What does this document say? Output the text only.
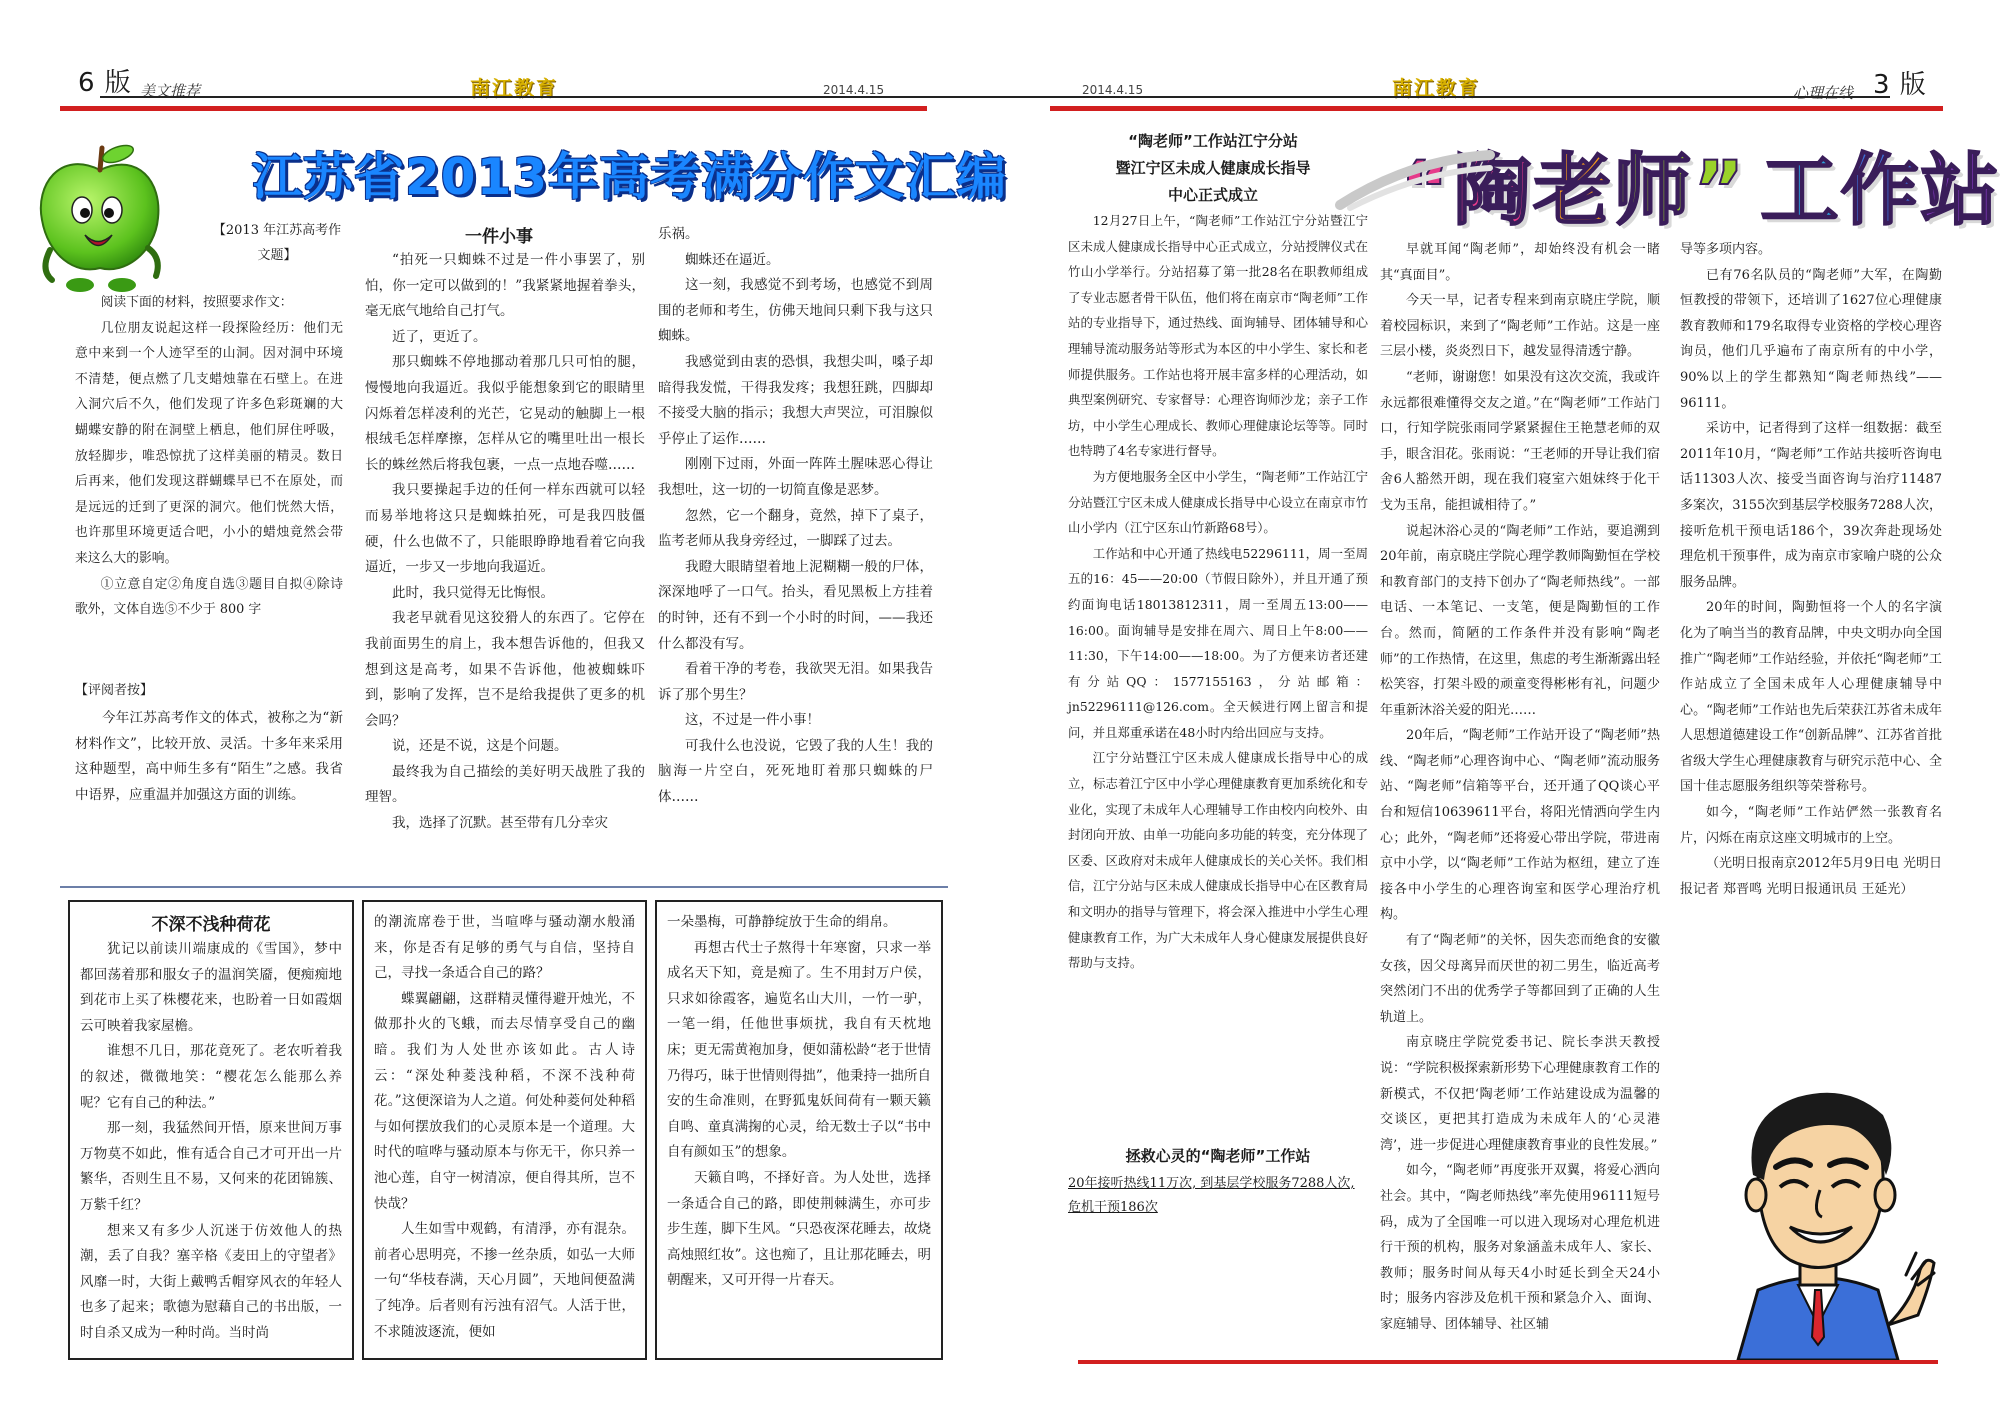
6 版 美文推荐	南江教育	2014.4.15	2014.4.15	南江教育	心理在线 3 版
江苏省2013年高考满分作文汇编
【2013 年江苏高考作文题】

阅读下面的材料，按照要求作文：

几位朋友说起这样一段探险经历：他们无意中来到一个人迹罕至的山洞。因对洞中环境不清楚，便点燃了几支蜡烛靠在石壁上。在进入洞穴后不久，他们发现了许多色彩斑斓的大蝴蝶安静的附在洞壁上栖息，他们屏住呼吸，放轻脚步，唯恐惊扰了这样美丽的精灵。数日后再来，他们发现这群蝴蝶早已不在原处，而是远远的迁到了更深的洞穴。他们恍然大悟，也许那里环境更适合吧，小小的蜡烛竟然会带来这么大的影响。

①立意自定②角度自选③题目自拟④除诗歌外，文体自选⑤不少于 800 字

【评阅者按】

今年江苏高考作文的体式，被称之为“新材料作文”，比较开放、灵活。十多年来采用这种题型，高中师生多有“陌生”之感。我省中语界，应重温并加强这方面的训练。

一件小事

“拍死一只蜘蛛不过是一件小事罢了，别怕，你一定可以做到的！”我紧紧地握着拳头，毫无底气地给自己打气。

近了，更近了。

那只蜘蛛不停地挪动着那几只可怕的腿，慢慢地向我逼近。我似乎能想象到它的眼睛里闪烁着怎样凌利的光芒，它晃动的触脚上一根根绒毛怎样摩擦，怎样从它的嘴里吐出一根长长的蛛丝然后将我包裹，一点一点地吞噬……

我只要操起手边的任何一样东西就可以轻而易举地将这只是蜘蛛拍死，可是我四肢僵硬，什么也做不了，只能眼睁睁地看着它向我逼近，一步又一步地向我逼近。

此时，我只觉得无比悔恨。

我老早就看见这狡猾人的东西了。它停在我前面男生的肩上，我本想告诉他的，但我又想到这是高考，如果不告诉他，他被蜘蛛吓到，影响了发挥，岂不是给我提供了更多的机会吗？

说，还是不说，这是个问题。

最终我为自己描绘的美好明天战胜了我的理智。

我，选择了沉默。甚至带有几分幸灾

乐祸。

蜘蛛还在逼近。

这一刻，我感觉不到考场，也感觉不到周围的老师和考生，仿佛天地间只剩下我与这只蜘蛛。

我感觉到由衷的恐惧，我想尖叫，嗓子却暗得我发慌，干得我发疼；我想狂跳，四脚却不接受大脑的指示；我想大声哭泣，可泪腺似乎停止了运作……

刚刚下过雨，外面一阵阵土腥味恶心得让我想吐，这一切的一切简直像是恶梦。

忽然，它一个翻身，竟然，掉下了桌子，监考老师从我身旁经过，一脚踩了过去。

我瞪大眼睛望着地上泥糊糊一般的尸体，深深地呼了一口气。抬头，看见黑板上方挂着的时钟，还有不到一个小时的时间，——我还什么都没有写。

看着干净的考卷，我欲哭无泪。如果我告诉了那个男生？

这，不过是一件小事！

可我什么也没说，它毁了我的人生！我的脑海一片空白，死死地盯着那只蜘蛛的尸体……

不深不浅种荷花

犹记以前读川端康成的《雪国》，梦中都回荡着那和服女子的温润笑靥，便痴痴地到花市上买了株樱花来，也盼着一日如霞烟云可映着我家屋檐。

谁想不几日，那花竟死了。老农听着我的叙述，微微地笑：“樱花怎么能那么养呢？它有自己的种法。”

那一刻，我猛然间开悟，原来世间万事万物莫不如此，惟有适合自己才可开出一片繁华，否则生且不易，又何来的花团锦簇、万紫千红？

想来又有多少人沉迷于仿效他人的热潮，丢了自我？塞辛格《麦田上的守望者》风靡一时，大街上戴鸭舌帽穿风衣的年轻人也多了起来；歌德为慰藉自己的书出版，一时自杀又成为一种时尚。当时尚

的潮流席卷于世，当喧哗与骚动潮水般涌来，你是否有足够的勇气与自信，坚持自己，寻找一条适合自己的路？

蝶翼翩翩，这群精灵懂得避开烛光，不做那扑火的飞蛾，而去尽情享受自己的幽暗。我们为人处世亦该如此。古人诗云：“深处种菱浅种稻，不深不浅种荷花。”这便深谙为人之道。何处种菱何处种稻与如何摆放我们的心灵原本是一个道理。大时代的喧哗与骚动原本与你无干，你只养一池心莲，自守一树清凉，便自得其所，岂不快哉？

人生如雪中观鹤，有清淨，亦有混杂。前者心思明亮，不掺一丝杂质，如弘一大师一句“华枝春满，天心月圆”，天地间便盈满了纯净。后者则有污浊有沼气。人活于世，不求随波逐流，便如

一朵墨梅，可静静绽放于生命的绢帛。

再想古代士子熬得十年寒窗，只求一举成名天下知，竟是痴了。生不用封万户侯，只求如徐霞客，遍览名山大川，一竹一驴，一笔一绢，任他世事烦扰，我自有天枕地床；更无需黄袍加身，便如蒲松龄“老于世情乃得巧，昧于世情则得拙”，他秉持一拙所自安的生命准则，在野狐鬼妖间荷有一颗天籁自鸣、童真满掬的心灵，给无数士子以“书中自有颜如玉”的想象。

天籁自鸣，不择好音。为人处世，选择一条适合自己的路，即使荆棘满生，亦可步步生莲，脚下生风。“只恐夜深花睡去，故烧高烛照红妆”。这也痴了，且让那花睡去，明朝醒来，又可开得一片春天。

“陶老师” 工作站
“陶老师”工作站江宁分站
暨江宁区未成人健康成长指导
中心正式成立

12月27日上午，“陶老师”工作站江宁分站暨江宁区未成人健康成长指导中心正式成立，分站授牌仪式在竹山小学举行。分站招募了第一批28名在职教师组成了专业志愿者骨干队伍，他们将在南京市“陶老师”工作站的专业指导下，通过热线、面询辅导、团体辅导和心理辅导流动服务站等形式为本区的中小学生、家长和老师提供服务。工作站也将开展丰富多样的心理活动，如典型案例研究、专家督导：心理咨询师沙龙；亲子工作坊，中小学生心理成长、教师心理健康论坛等等。同时也特聘了4名专家进行督导。

为方便地服务全区中小学生，“陶老师”工作站江宁分站暨江宁区未成人健康成长指导中心设立在南京市竹山小学内（江宁区东山竹新路68号）。

工作站和中心开通了热线电52296111，周一至周五的16：45——20:00（节假日除外），并且开通了预约面询电话18013812311，周一至周五13:00——16:00。面询辅导是安排在周六、周日上午8:00——11:30，下午14:00——18:00。为了方便来访者还建有分站QQ：1577155163，分站邮箱：jn52296111@126.com。全天候进行网上留言和提问，并且郑重承诺在48小时内给出回应与支持。

江宁分站暨江宁区未成人健康成长指导中心的成立，标志着江宁区中小学心理健康教育更加系统化和专业化，实现了未成年人心理辅导工作由校内向校外、由封闭向开放、由单一功能向多功能的转变，充分体现了区委、区政府对未成年人健康成长的关心关怀。我们相信，江宁分站与区未成人健康成长指导中心在区教育局和文明办的指导与管理下，将会深入推进中小学生心理健康教育工作，为广大未成年人身心健康发展提供良好帮助与支持。

拯救心灵的“陶老师”工作站
20年接听热线11万次, 到基层学校服务7288人次, 危机干预186次

早就耳闻“陶老师”，却始终没有机会一睹其“真面目”。

今天一早，记者专程来到南京晓庄学院，顺着校园标识，来到了“陶老师”工作站。这是一座三层小楼，炎炎烈日下，越发显得清透宁静。

“老师，谢谢您！如果没有这次交流，我或许永远都很难懂得交友之道。”在“陶老师”工作站门口，行知学院张雨同学紧紧握住王艳慧老师的双手，眼含泪花。张雨说：“王老师的开导让我们宿舍6人豁然开朗，现在我们寝室六姐妹终于化干戈为玉帛，能担诚相待了。”

说起沐浴心灵的“陶老师”工作站，要追溯到20年前，南京晓庄学院心理学教师陶勤恒在学校和教育部门的支持下创办了“陶老师热线”。一部电话、一本笔记、一支笔，便是陶勤恒的工作台。然而，简陋的工作条件并没有影响“陶老师”的工作热情，在这里，焦虑的考生渐渐露出轻松笑容，打架斗殴的顽童变得彬彬有礼，问题少年重新沐浴关爱的阳光……

20年后，“陶老师”工作站开设了“陶老师”热线、“陶老师”心理咨询中心、“陶老师”流动服务站、“陶老师”信箱等平台，还开通了QQ谈心平台和短信10639611平台，将阳光情洒向学生内心；此外，“陶老师”还将爱心带出学院，带进南京中小学，以“陶老师”工作站为枢纽，建立了连接各中小学生的心理咨询室和医学心理治疗机构。

有了“陶老师”的关怀，因失恋而绝食的安徽女孩，因父母离异而厌世的初二男生，临近高考突然闭门不出的优秀学子等都回到了正确的人生轨道上。

南京晓庄学院党委书记、院长李洪天教授说：“学院积极探索新形势下心理健康教育工作的新模式，不仅把‘陶老师’工作站建设成为温馨的交谈区，更把其打造成为未成年人的‘心灵港湾’，进一步促进心理健康教育事业的良性发展。”

如今，“陶老师”再度张开双翼，将爱心洒向社会。其中，“陶老师热线”率先使用96111短号码，成为了全国唯一可以进入现场对心理危机进行干预的机构，服务对象涵盖未成年人、家长、教师；服务时间从每天4小时延长到全天24小时；服务内容涉及危机干预和紧急介入、面询、家庭辅导、团体辅导、社区辅

导等多项内容。

已有76名队员的“陶老师”大军，在陶勤恒教授的带领下，还培训了1627位心理健康教育教师和179名取得专业资格的学校心理咨询员，他们几乎遍布了南京所有的中小学，90%以上的学生都熟知“陶老师热线”——96111。

采访中，记者得到了这样一组数据：截至2011年10月，“陶老师”工作站共接听咨询电话11303人次、接受当面咨询与治疗11487多案次，3155次到基层学校服务7288人次，接听危机干预电话186个，39次奔赴现场处理危机干预事件，成为南京市家喻户晓的公众服务品牌。

20年的时间，陶勤恒将一个人的名字演化为了响当当的教育品牌，中央文明办向全国推广“陶老师”工作站经验，并依托“陶老师”工作站成立了全国未成年人心理健康辅导中心。“陶老师”工作站也先后荣获江苏省未成年人思想道德建设工作“创新品牌”、江苏省首批省级大学生心理健康教育与研究示范中心、全国十佳志愿服务组织等荣誉称号。

如今，“陶老师”工作站俨然一张教育名片，闪烁在南京这座文明城市的上空。

（光明日报南京2012年5月9日电 光明日报记者 郑晋鸣 光明日报通讯员 王延光）
